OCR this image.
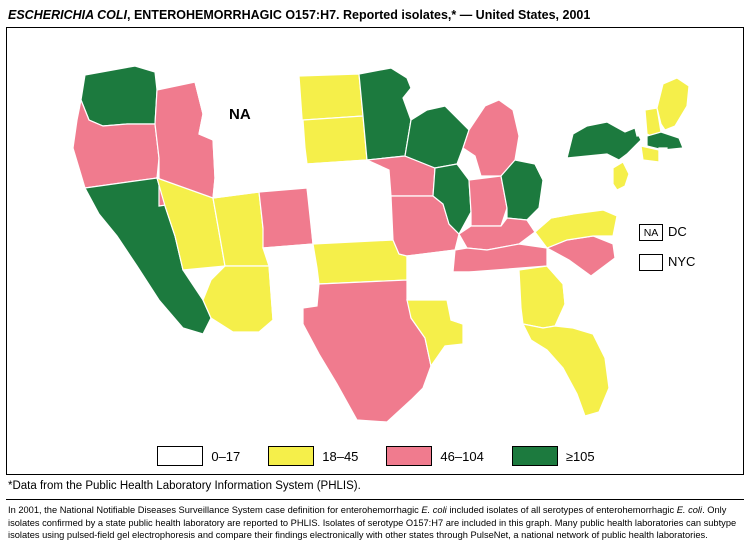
ESCHERICHIA COLI, ENTEROHEMORRHAGIC O157:H7. Reported isolates,* — United States, 2001
NA
NA DC
NYC
0–17	18–45	46–104	≥105
*Data from the Public Health Laboratory Information System (PHLIS).
In 2001, the National Notifiable Diseases Surveillance System case definition for enterohemorrhagic E. coli included isolates of all serotypes of enterohemorrhagic E. coli. Only isolates confirmed by a state public health laboratory are reported to PHLIS. Isolates of serotype O157:H7 are included in this graph. Many public health laboratories can subtype isolates using pulsed-field gel electrophoresis and compare their findings electronically with other states through PulseNet, a national network of public health laboratories.
